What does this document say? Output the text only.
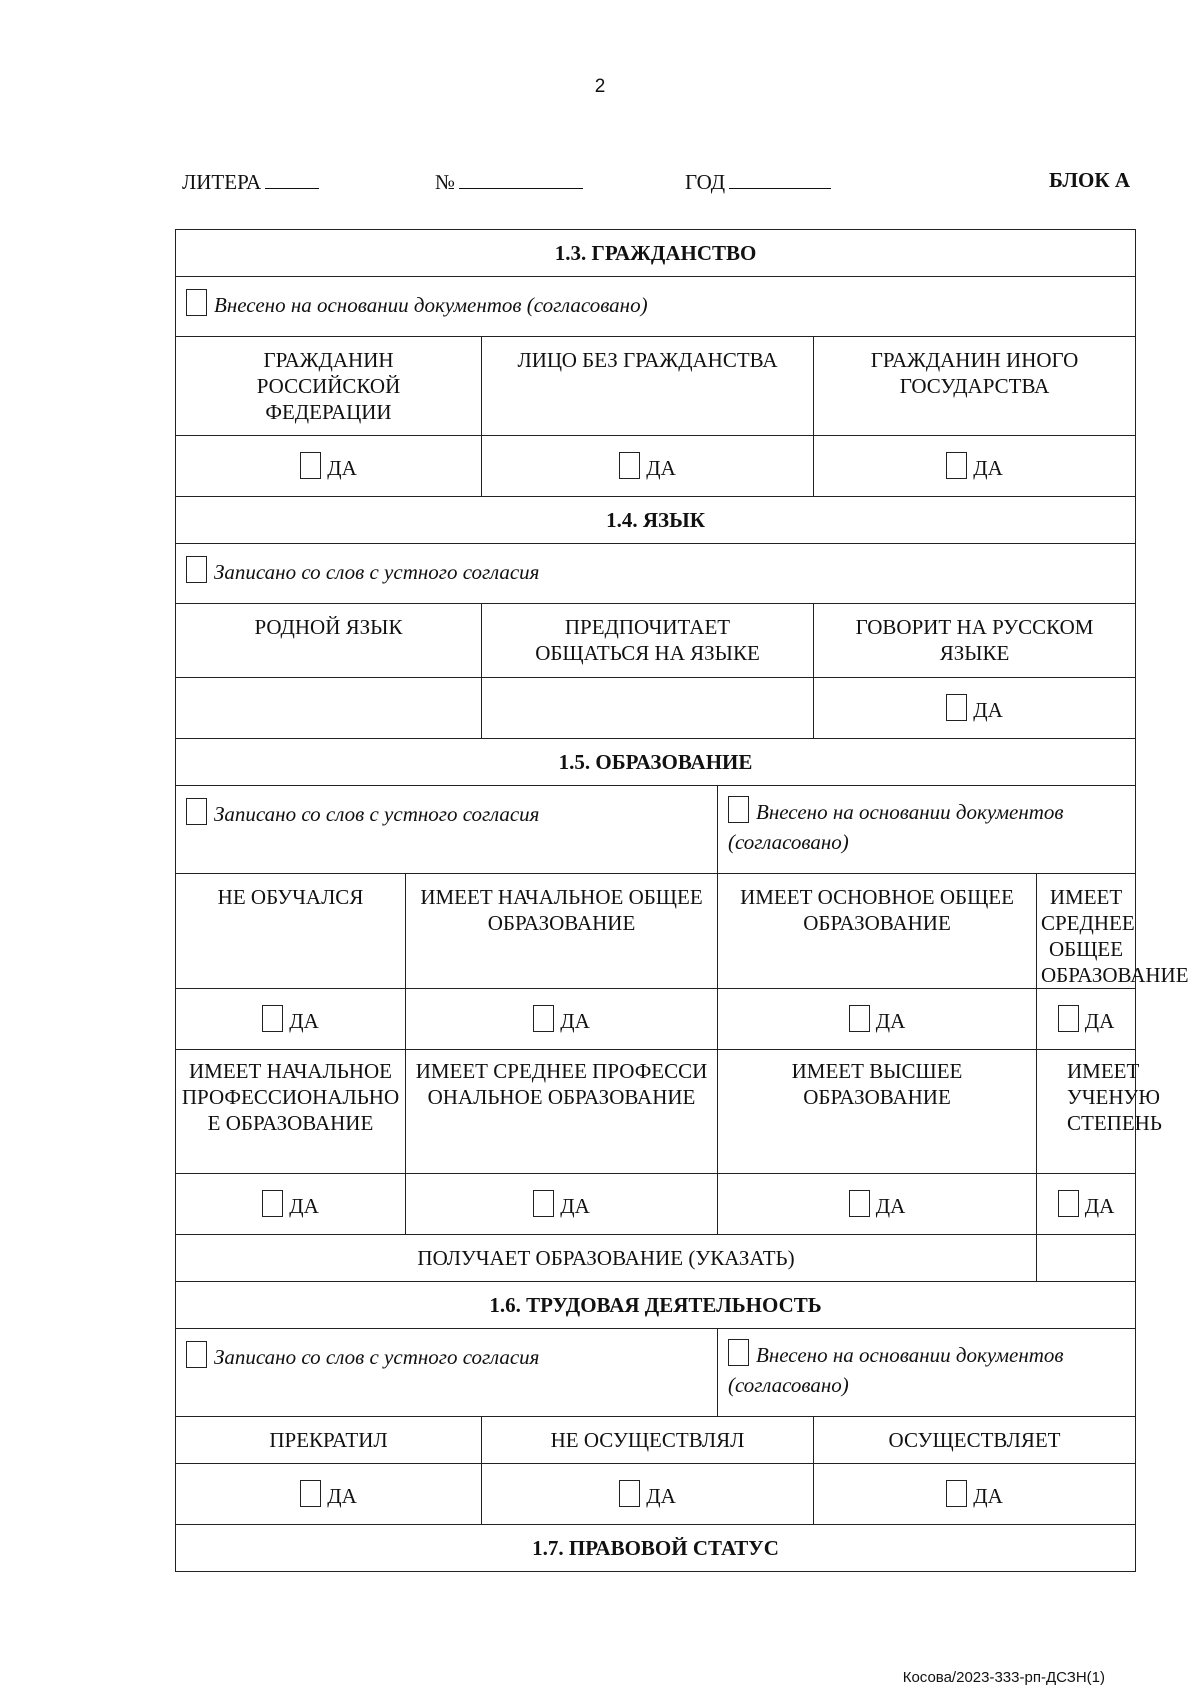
2
ЛИТЕРА	№	ГОД	БЛОК А
1.3. ГРАЖДАНСТВО					
Внесено на основании документов (согласовано)					
ГРАЖДАНИН РОССИЙСКОЙ ФЕДЕРАЦИИ		ЛИЦО БЕЗ ГРАЖДАНСТВА		ГРАЖДАНИН ИНОГО ГОСУДАРСТВА	
ДА		ДА		ДА	
1.4. ЯЗЫК					
Записано со слов с устного согласия					
РОДНОЙ ЯЗЫК		ПРЕДПОЧИТАЕТ ОБЩАТЬСЯ НА ЯЗЫКЕ		ГОВОРИТ НА РУССКОМ ЯЗЫКЕ	
				ДА	
1.5. ОБРАЗОВАНИЕ					
Записано со слов с устного согласия			Внесено на основании документов (согласовано)		
НЕ ОБУЧАЛСЯ	ИМЕЕТ НАЧАЛЬНОЕ ОБЩЕЕ ОБРАЗОВАНИЕ		ИМЕЕТ ОСНОВНОЕ ОБЩЕЕ ОБРАЗОВАНИЕ		ИМЕЕТ СРЕДНЕЕ ОБЩЕЕ ОБРАЗОВАНИЕ
ДА	ДА		ДА		ДА
ИМЕЕТ НАЧАЛЬНОЕ ПРОФЕССИОНАЛЬНОЕ ОБРАЗОВАНИЕ	ИМЕЕТ СРЕДНЕЕ ПРОФЕССИОНАЛЬНОЕ ОБРАЗОВАНИЕ		ИМЕЕТ ВЫСШЕЕ ОБРАЗОВАНИЕ		ИМЕЕТ УЧЕНУЮ СТЕПЕНЬ
ДА	ДА		ДА		ДА
ПОЛУЧАЕТ ОБРАЗОВАНИЕ (УКАЗАТЬ)					
1.6. ТРУДОВАЯ ДЕЯТЕЛЬНОСТЬ					
Записано со слов с устного согласия			Внесено на основании документов (согласовано)		
ПРЕКРАТИЛ		НЕ ОСУЩЕСТВЛЯЛ		ОСУЩЕСТВЛЯЕТ	
ДА		ДА		ДА	
1.7. ПРАВОВОЙ СТАТУС					
Косова/2023-333-рп-ДСЗН(1)
